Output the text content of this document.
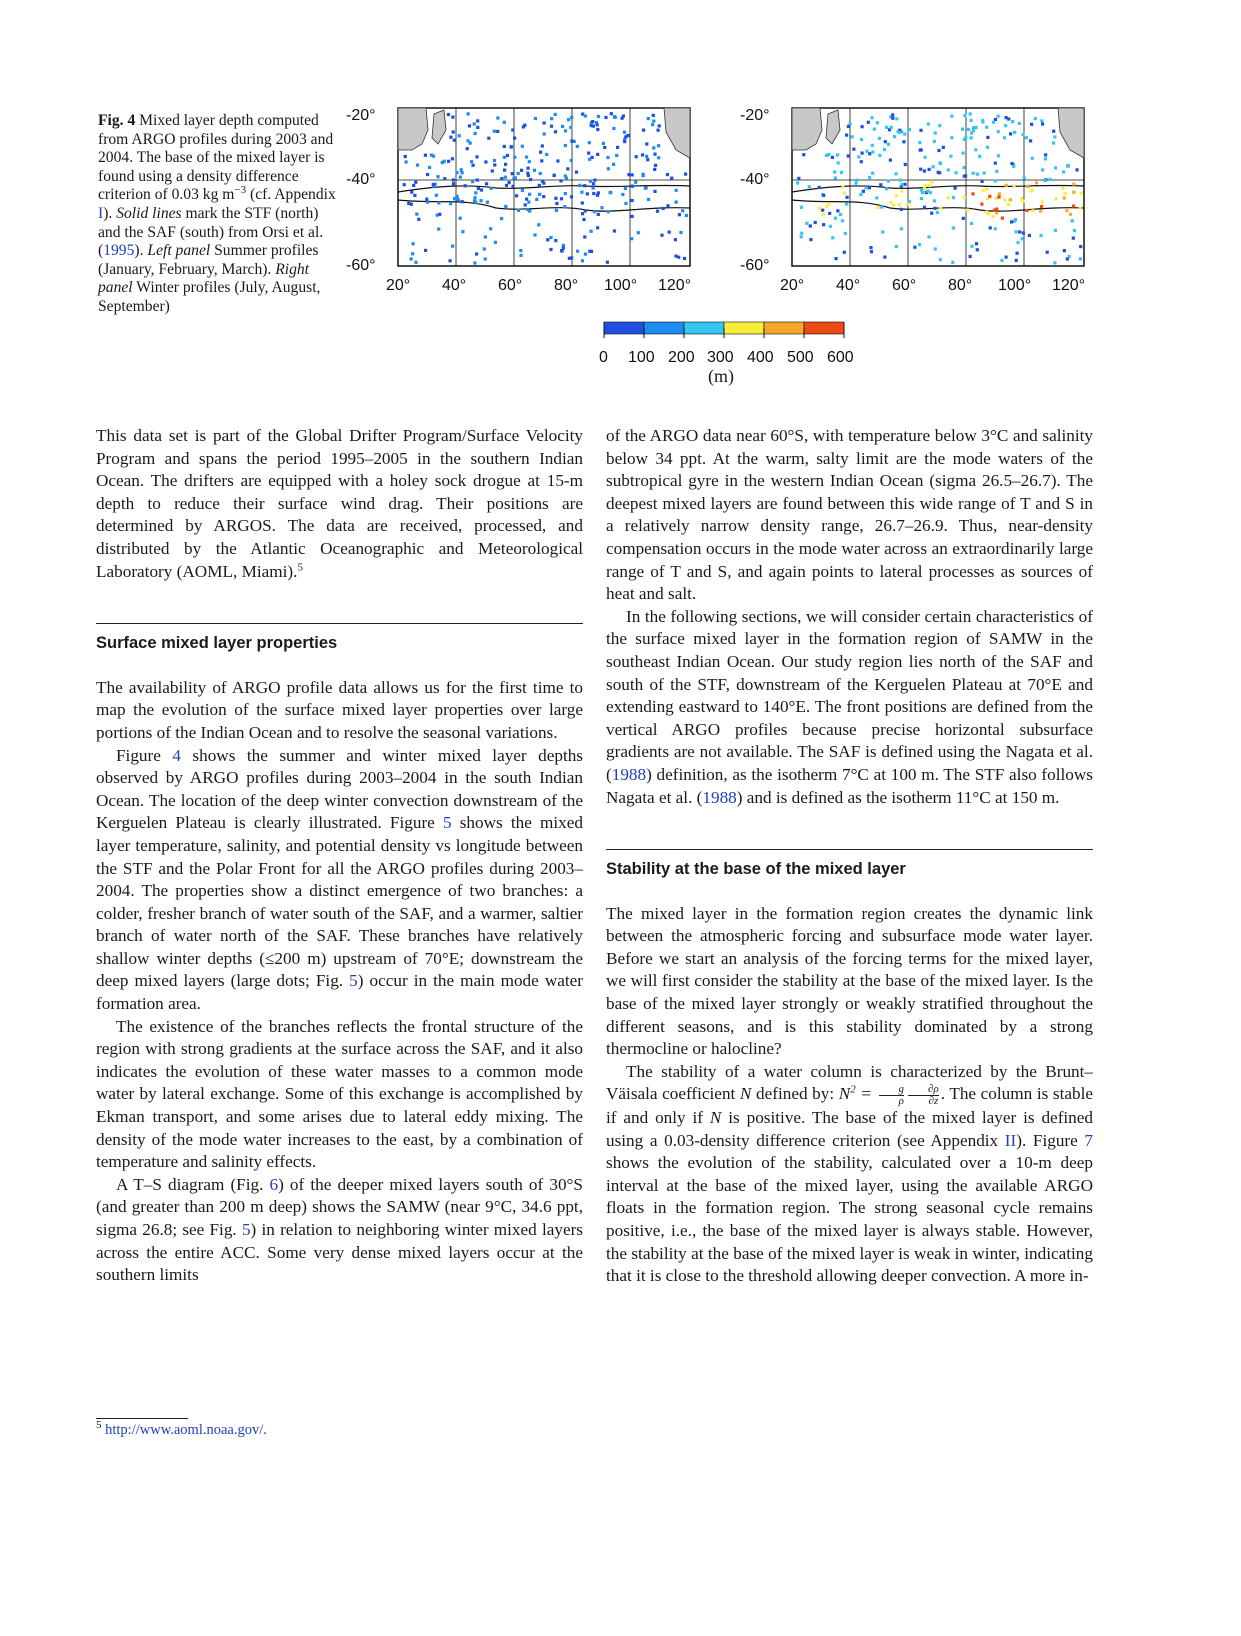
Fig. 4 Mixed layer depth computed from ARGO profiles during 2003 and 2004. The base of the mixed layer is found using a density difference criterion of 0.03 kg $m^{-3}$ (cf. Appendix I). Solid lines mark the STF (north) and the SAF (south) from Orsi et al. (1995). Left panel Summer profiles (January, February, March). Right panel Winter profiles (July, August, September)
-20°
-40°
-60°
20° 40° 60° 80° 100° 120°
-20°
-40°
-60°
20° 40° 60° 80° 100° 120°
0 100 200 300 400 500 600
(m)

This data set is part of the Global Drifter Program/Surface Velocity Program and spans the period 1995–2005 in the southern Indian Ocean. The drifters are equipped with a holey sock drogue at 15-m depth to reduce their surface wind drag. Their positions are determined by ARGOS. The data are received, processed, and distributed by the Atlantic Oceanographic and Meteorological Laboratory (AOML, Miami).$^5$

Surface mixed layer properties

The availability of ARGO profile data allows us for the first time to map the evolution of the surface mixed layer properties over large portions of the Indian Ocean and to resolve the seasonal variations.

Figure 4 shows the summer and winter mixed layer depths observed by ARGO profiles during 2003–2004 in the south Indian Ocean. The location of the deep winter convection downstream of the Kerguelen Plateau is clearly illustrated. Figure 5 shows the mixed layer temperature, salinity, and potential density vs longitude between the STF and the Polar Front for all the ARGO profiles during 2003–2004. The properties show a distinct emergence of two branches: a colder, fresher branch of water south of the SAF, and a warmer, saltier branch of water north of the SAF. These branches have relatively shallow winter depths (≤200 m) upstream of 70°E; downstream the deep mixed layers (large dots; Fig. 5) occur in the main mode water formation area.

The existence of the branches reflects the frontal structure of the region with strong gradients at the surface across the SAF, and it also indicates the evolution of these water masses to a common mode water by lateral exchange. Some of this exchange is accomplished by Ekman transport, and some arises due to lateral eddy mixing. The density of the mode water increases to the east, by a combination of temperature and salinity effects.

A T–S diagram (Fig. 6) of the deeper mixed layers south of 30°S (and greater than 200 m deep) shows the SAMW (near 9°C, 34.6 ppt, sigma 26.8; see Fig. 5) in relation to neighboring winter mixed layers across the entire ACC. Some very dense mixed layers occur at the southern limits

$^5$ http://www.aoml.noaa.gov/.

of the ARGO data near 60°S, with temperature below 3°C and salinity below 34 ppt. At the warm, salty limit are the mode waters of the subtropical gyre in the western Indian Ocean (sigma 26.5–26.7). The deepest mixed layers are found between this wide range of T and S in a relatively narrow density range, 26.7–26.9. Thus, near-density compensation occurs in the mode water across an extraordinarily large range of T and S, and again points to lateral processes as sources of heat and salt.

In the following sections, we will consider certain characteristics of the surface mixed layer in the formation region of SAMW in the southeast Indian Ocean. Our study region lies north of the SAF and south of the STF, downstream of the Kerguelen Plateau at 70°E and extending eastward to 140°E. The front positions are defined from the vertical ARGO profiles because precise horizontal subsurface gradients are not available. The SAF is defined using the Nagata et al. (1988) definition, as the isotherm 7°C at 100 m. The STF also follows Nagata et al. (1988) and is defined as the isotherm 11°C at 150 m.

Stability at the base of the mixed layer

The mixed layer in the formation region creates the dynamic link between the atmospheric forcing and subsurface mode water layer. Before we start an analysis of the forcing terms for the mixed layer, we will first consider the stability at the base of the mixed layer. Is the base of the mixed layer strongly or weakly stratified throughout the different seasons, and is this stability dominated by a strong thermocline or halocline?

The stability of a water column is characterized by the Brunt–Väisala coefficient N defined by: $N^2 = \frac{g}{\rho} \frac{\partial\rho}{\partial z}$ . The column is stable if and only if N is positive. The base of the mixed layer is defined using a 0.03-density difference criterion (see Appendix II). Figure 7 shows the evolution of the stability, calculated over a 10-m deep interval at the base of the mixed layer, using the available ARGO floats in the formation region. The strong seasonal cycle remains positive, i.e., the base of the mixed layer is always stable. However, the stability at the base of the mixed layer is weak in winter, indicating that it is close to the threshold allowing deeper convection. A more in-
